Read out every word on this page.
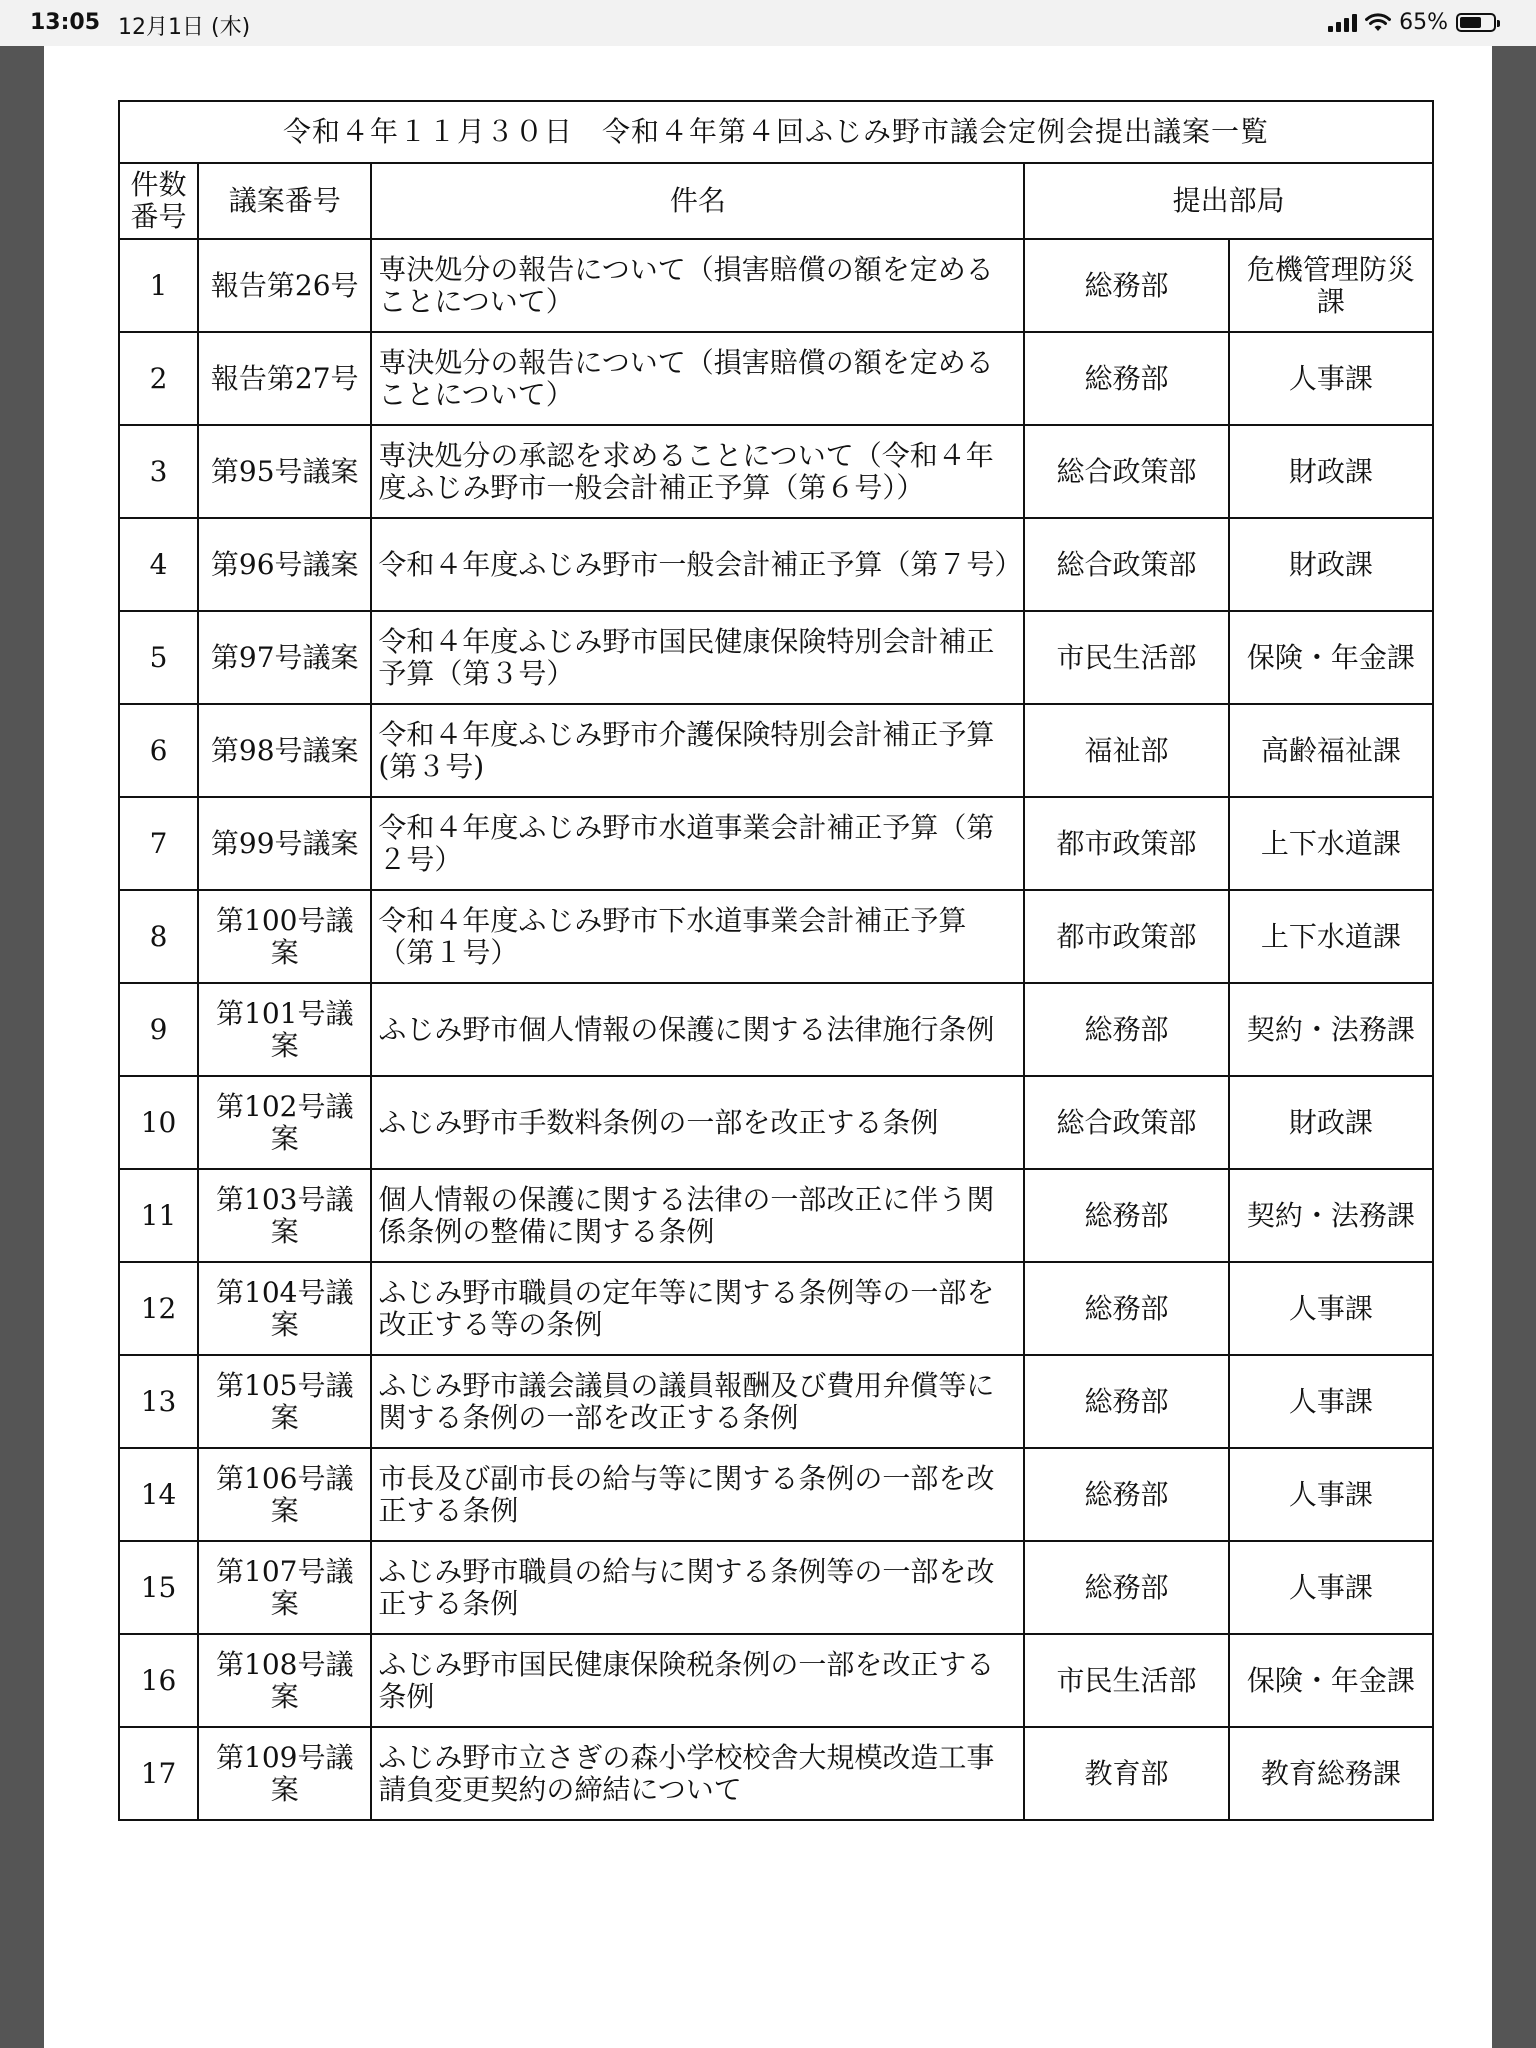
13:05 12月1日 (木)	65%
令和４年１１月３０日　令和４年第４回ふじみ野市議会定例会提出議案一覧				
件数番号	議案番号	件名	提出部局	
1	報告第26号	専決処分の報告について（損害賠償の額を定めることについて）	総務部	危機管理防災課
2	報告第27号	専決処分の報告について（損害賠償の額を定めることについて）	総務部	人事課
3	第95号議案	専決処分の承認を求めることについて（令和４年度ふじみ野市一般会計補正予算（第６号））	総合政策部	財政課
4	第96号議案	令和４年度ふじみ野市一般会計補正予算（第７号）	総合政策部	財政課
5	第97号議案	令和４年度ふじみ野市国民健康保険特別会計補正予算（第３号）	市民生活部	保険・年金課
6	第98号議案	令和４年度ふじみ野市介護保険特別会計補正予算(第３号)	福祉部	高齢福祉課
7	第99号議案	令和４年度ふじみ野市水道事業会計補正予算（第２号）	都市政策部	上下水道課
8	第100号議案	令和４年度ふじみ野市下水道事業会計補正予算（第１号）	都市政策部	上下水道課
9	第101号議案	ふじみ野市個人情報の保護に関する法律施行条例	総務部	契約・法務課
10	第102号議案	ふじみ野市手数料条例の一部を改正する条例	総合政策部	財政課
11	第103号議案	個人情報の保護に関する法律の一部改正に伴う関係条例の整備に関する条例	総務部	契約・法務課
12	第104号議案	ふじみ野市職員の定年等に関する条例等の一部を改正する等の条例	総務部	人事課
13	第105号議案	ふじみ野市議会議員の議員報酬及び費用弁償等に関する条例の一部を改正する条例	総務部	人事課
14	第106号議案	市長及び副市長の給与等に関する条例の一部を改正する条例	総務部	人事課
15	第107号議案	ふじみ野市職員の給与に関する条例等の一部を改正する条例	総務部	人事課
16	第108号議案	ふじみ野市国民健康保険税条例の一部を改正する条例	市民生活部	保険・年金課
17	第109号議案	ふじみ野市立さぎの森小学校校舎大規模改造工事請負変更契約の締結について	教育部	教育総務課
